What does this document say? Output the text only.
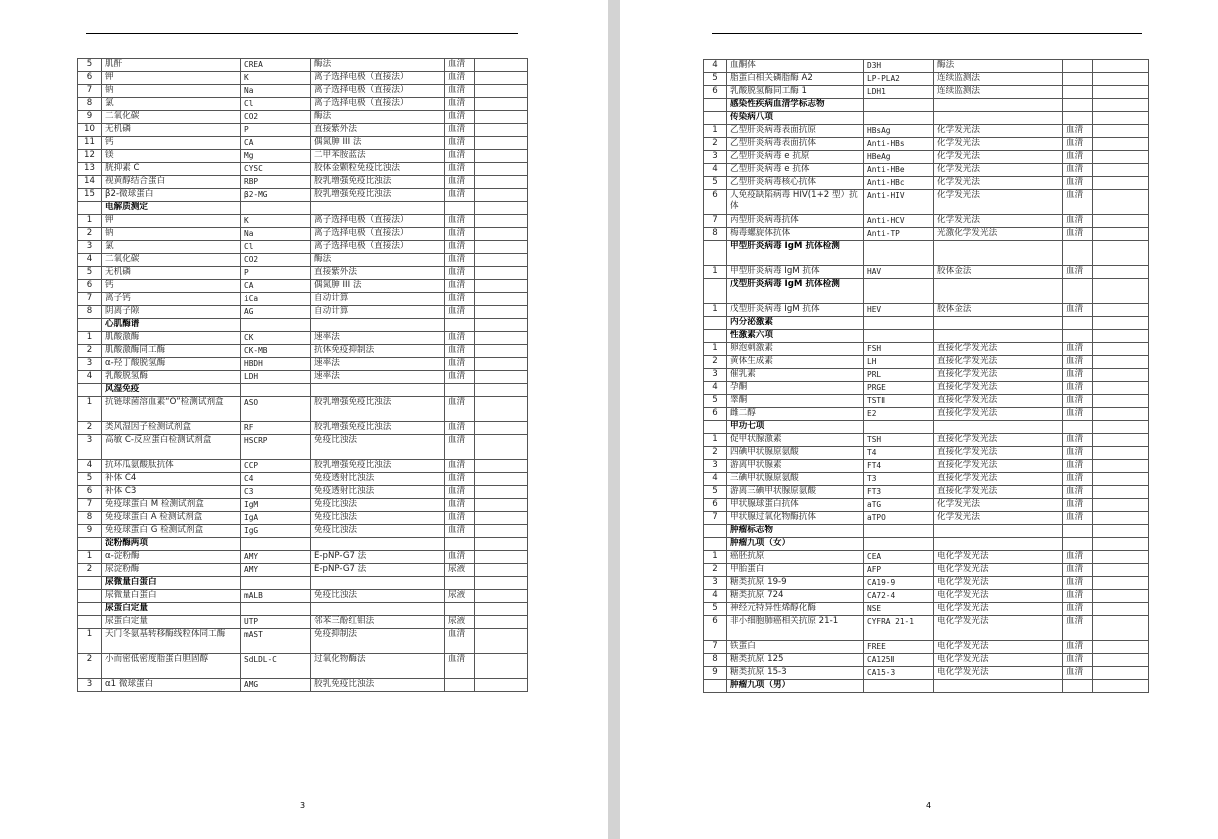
5	肌酐	CREA	酶法	血清	
6	钾	K	离子选择电极（直接法）	血清	
7	钠	Na	离子选择电极（直接法）	血清	
8	氯	Cl	离子选择电极（直接法）	血清	
9	二氧化碳	CO2	酶法	血清	
10	无机磷	P	直接紫外法	血清	
11	钙	CA	偶氮胂 III 法	血清	
12	镁	Mg	二甲苯胺蓝法	血清	
13	胱抑素 C	CYSC	胶体金颗粒免疫比浊法	血清	
14	视黄醇结合蛋白	RBP	胶乳增强免疫比浊法	血清	
15	β2-微球蛋白	β2-MG	胶乳增强免疫比浊法	血清	
	电解质测定				
1	钾	K	离子选择电极（直接法）	血清	
2	钠	Na	离子选择电极（直接法）	血清	
3	氯	Cl	离子选择电极（直接法）	血清	
4	二氧化碳	CO2	酶法	血清	
5	无机磷	P	直接紫外法	血清	
6	钙	CA	偶氮胂 III 法	血清	
7	离子钙	iCa	自动计算	血清	
8	阴离子隙	AG	自动计算	血清	
	心肌酶谱				
1	肌酸激酶	CK	速率法	血清	
2	肌酸激酶同工酶	CK-MB	抗体免疫抑制法	血清	
3	α-羟丁酸脱氢酶	HBDH	速率法	血清	
4	乳酸脱氢酶	LDH	速率法	血清	
	风湿免疫				
1	抗链球菌溶血素“O”检测试剂盒	ASO	胶乳增强免疫比浊法	血清	
2	类风湿因子检测试剂盒	RF	胶乳增强免疫比浊法	血清	
3	高敏 C-反应蛋白检测试剂盒	HSCRP	免疫比浊法	血清	
4	抗环瓜氨酸肽抗体	CCP	胶乳增强免疫比浊法	血清	
5	补体 C4	C4	免疫透射比浊法	血清	
6	补体 C3	C3	免疫透射比浊法	血清	
7	免疫球蛋白 M 检测试剂盒	IgM	免疫比浊法	血清	
8	免疫球蛋白 A 检测试剂盒	IgA	免疫比浊法	血清	
9	免疫球蛋白 G 检测试剂盒	IgG	免疫比浊法	血清	
	淀粉酶两项				
1	α-淀粉酶	AMY	E-pNP-G7 法	血清	
2	尿淀粉酶	AMY	E-pNP-G7 法	尿液	
	尿微量白蛋白				
	尿微量白蛋白	mALB	免疫比浊法	尿液	
	尿蛋白定量				
	尿蛋白定量	UTP	邻苯三酚红钼法	尿液	
1	天门冬氨基转移酶线粒体同工酶	mAST	免疫抑制法	血清	
2	小而密低密度脂蛋白胆固醇	SdLDL-C	过氧化物酶法	血清	
3	α1 微球蛋白	AMG	胶乳免疫比浊法		
3
4	血酮体	D3H	酶法		
5	脂蛋白相关磷脂酶 A2	LP-PLA2	连续监测法		
6	乳酸脱氢酶同工酶 1	LDH1	连续监测法		
	感染性疾病血清学标志物				
	传染病八项				
1	乙型肝炎病毒表面抗原	HBsAg	化学发光法	血清	
2	乙型肝炎病毒表面抗体	Anti-HBs	化学发光法	血清	
3	乙型肝炎病毒 e 抗原	HBeAg	化学发光法	血清	
4	乙型肝炎病毒 e 抗体	Anti-HBe	化学发光法	血清	
5	乙型肝炎病毒核心抗体	Anti-HBc	化学发光法	血清	
6	人免疫缺陷病毒 HIV(1+2 型）抗体	Anti-HIV	化学发光法	血清	
7	丙型肝炎病毒抗体	Anti-HCV	化学发光法	血清	
8	梅毒螺旋体抗体	Anti-TP	光激化学发光法	血清	
	甲型肝炎病毒 IgM 抗体检测				
1	甲型肝炎病毒 IgM 抗体	HAV	胶体金法	血清	
	戊型肝炎病毒 IgM 抗体检测				
1	戊型肝炎病毒 IgM 抗体	HEV	胶体金法	血清	
	内分泌激素				
	性激素六项				
1	卵泡刺激素	FSH	直接化学发光法	血清	
2	黄体生成素	LH	直接化学发光法	血清	
3	催乳素	PRL	直接化学发光法	血清	
4	孕酮	PRGE	直接化学发光法	血清	
5	睾酮	TSTⅡ	直接化学发光法	血清	
6	雌二醇	E2	直接化学发光法	血清	
	甲功七项				
1	促甲状腺激素	TSH	直接化学发光法	血清	
2	四碘甲状腺原氨酸	T4	直接化学发光法	血清	
3	游离甲状腺素	FT4	直接化学发光法	血清	
4	三碘甲状腺原氨酸	T3	直接化学发光法	血清	
5	游离三碘甲状腺原氨酸	FT3	直接化学发光法	血清	
6	甲状腺球蛋白抗体	aTG	化学发光法	血清	
7	甲状腺过氧化物酶抗体	aTPO	化学发光法	血清	
	肿瘤标志物				
	肿瘤九项（女）				
1	癌胚抗原	CEA	电化学发光法	血清	
2	甲胎蛋白	AFP	电化学发光法	血清	
3	糖类抗原 19-9	CA19-9	电化学发光法	血清	
4	糖类抗原 724	CA72-4	电化学发光法	血清	
5	神经元特异性烯醇化酶	NSE	电化学发光法	血清	
6	非小细胞肺癌相关抗原 21-1	CYFRA 21-1	电化学发光法	血清	
7	铁蛋白	FREE	电化学发光法	血清	
8	糖类抗原 125	CA125Ⅱ	电化学发光法	血清	
9	糖类抗原 15-3	CA15-3	电化学发光法	血清	
	肿瘤九项（男）				
4
